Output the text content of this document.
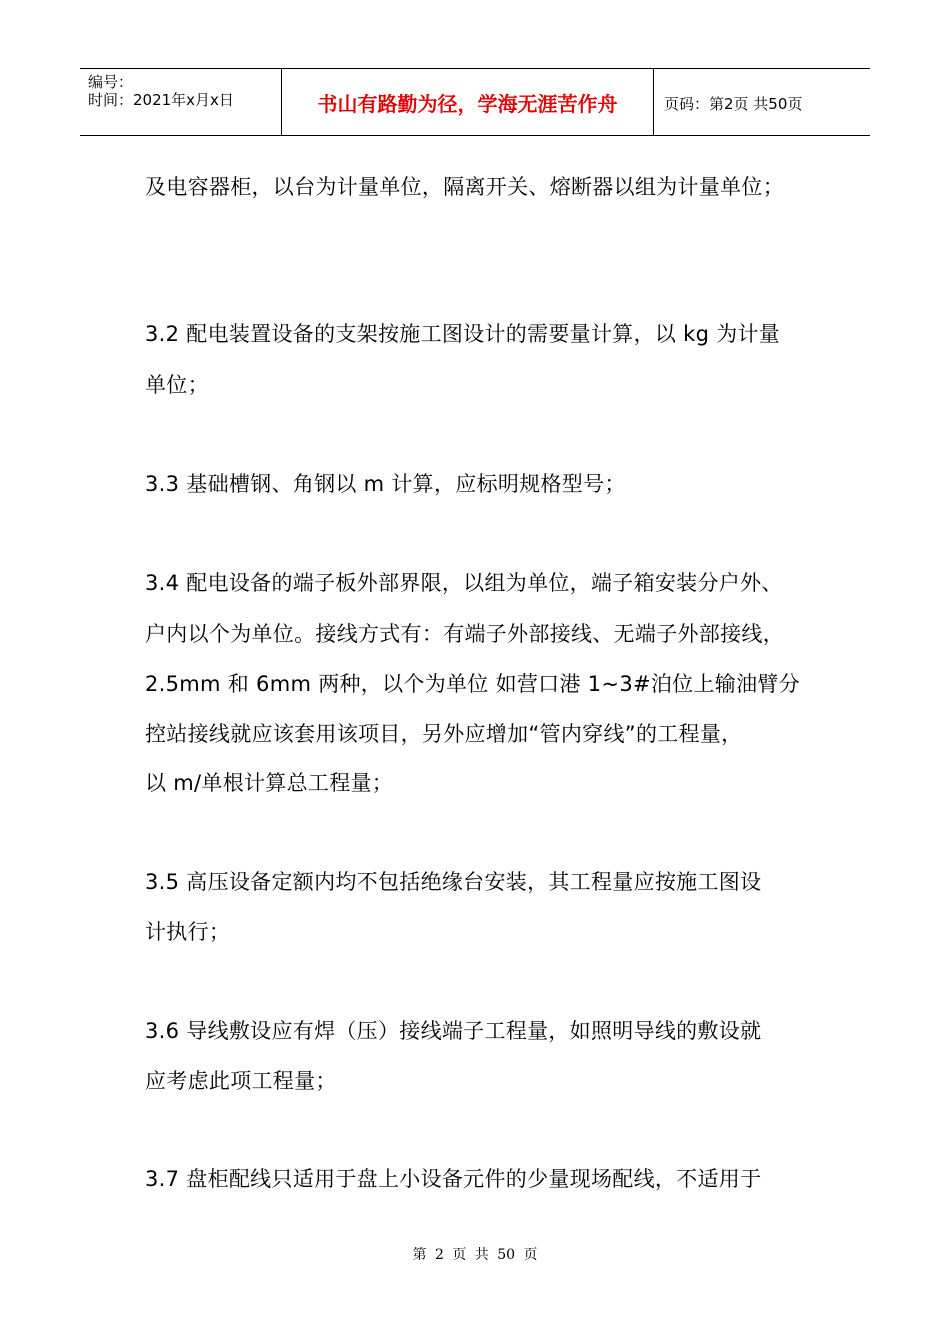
编号：
时间：2021年x月x日	书山有路勤为径，学海无涯苦作舟	页码：第2页 共50页
及电容器柜，以台为计量单位，隔离开关、熔断器以组为计量单位；
3.2 配电装置设备的支架按施工图设计的需要量计算，以 kg 为计量
单位；
3.3 基础槽钢、角钢以 m 计算，应标明规格型号；
3.4 配电设备的端子板外部界限，以组为单位，端子箱安装分户外、
户内以个为单位。接线方式有：有端子外部接线、无端子外部接线，
2.5mm 和 6mm 两种，以个为单位 如营口港 1~3#泊位上输油臂分
控站接线就应该套用该项目，另外应增加“管内穿线”的工程量，
以 m/单根计算总工程量；
3.5 高压设备定额内均不包括绝缘台安装，其工程量应按施工图设
计执行；
3.6 导线敷设应有焊（压）接线端子工程量，如照明导线的敷设就
应考虑此项工程量；
3.7 盘柜配线只适用于盘上小设备元件的少量现场配线，不适用于
第 2 页 共 50 页
